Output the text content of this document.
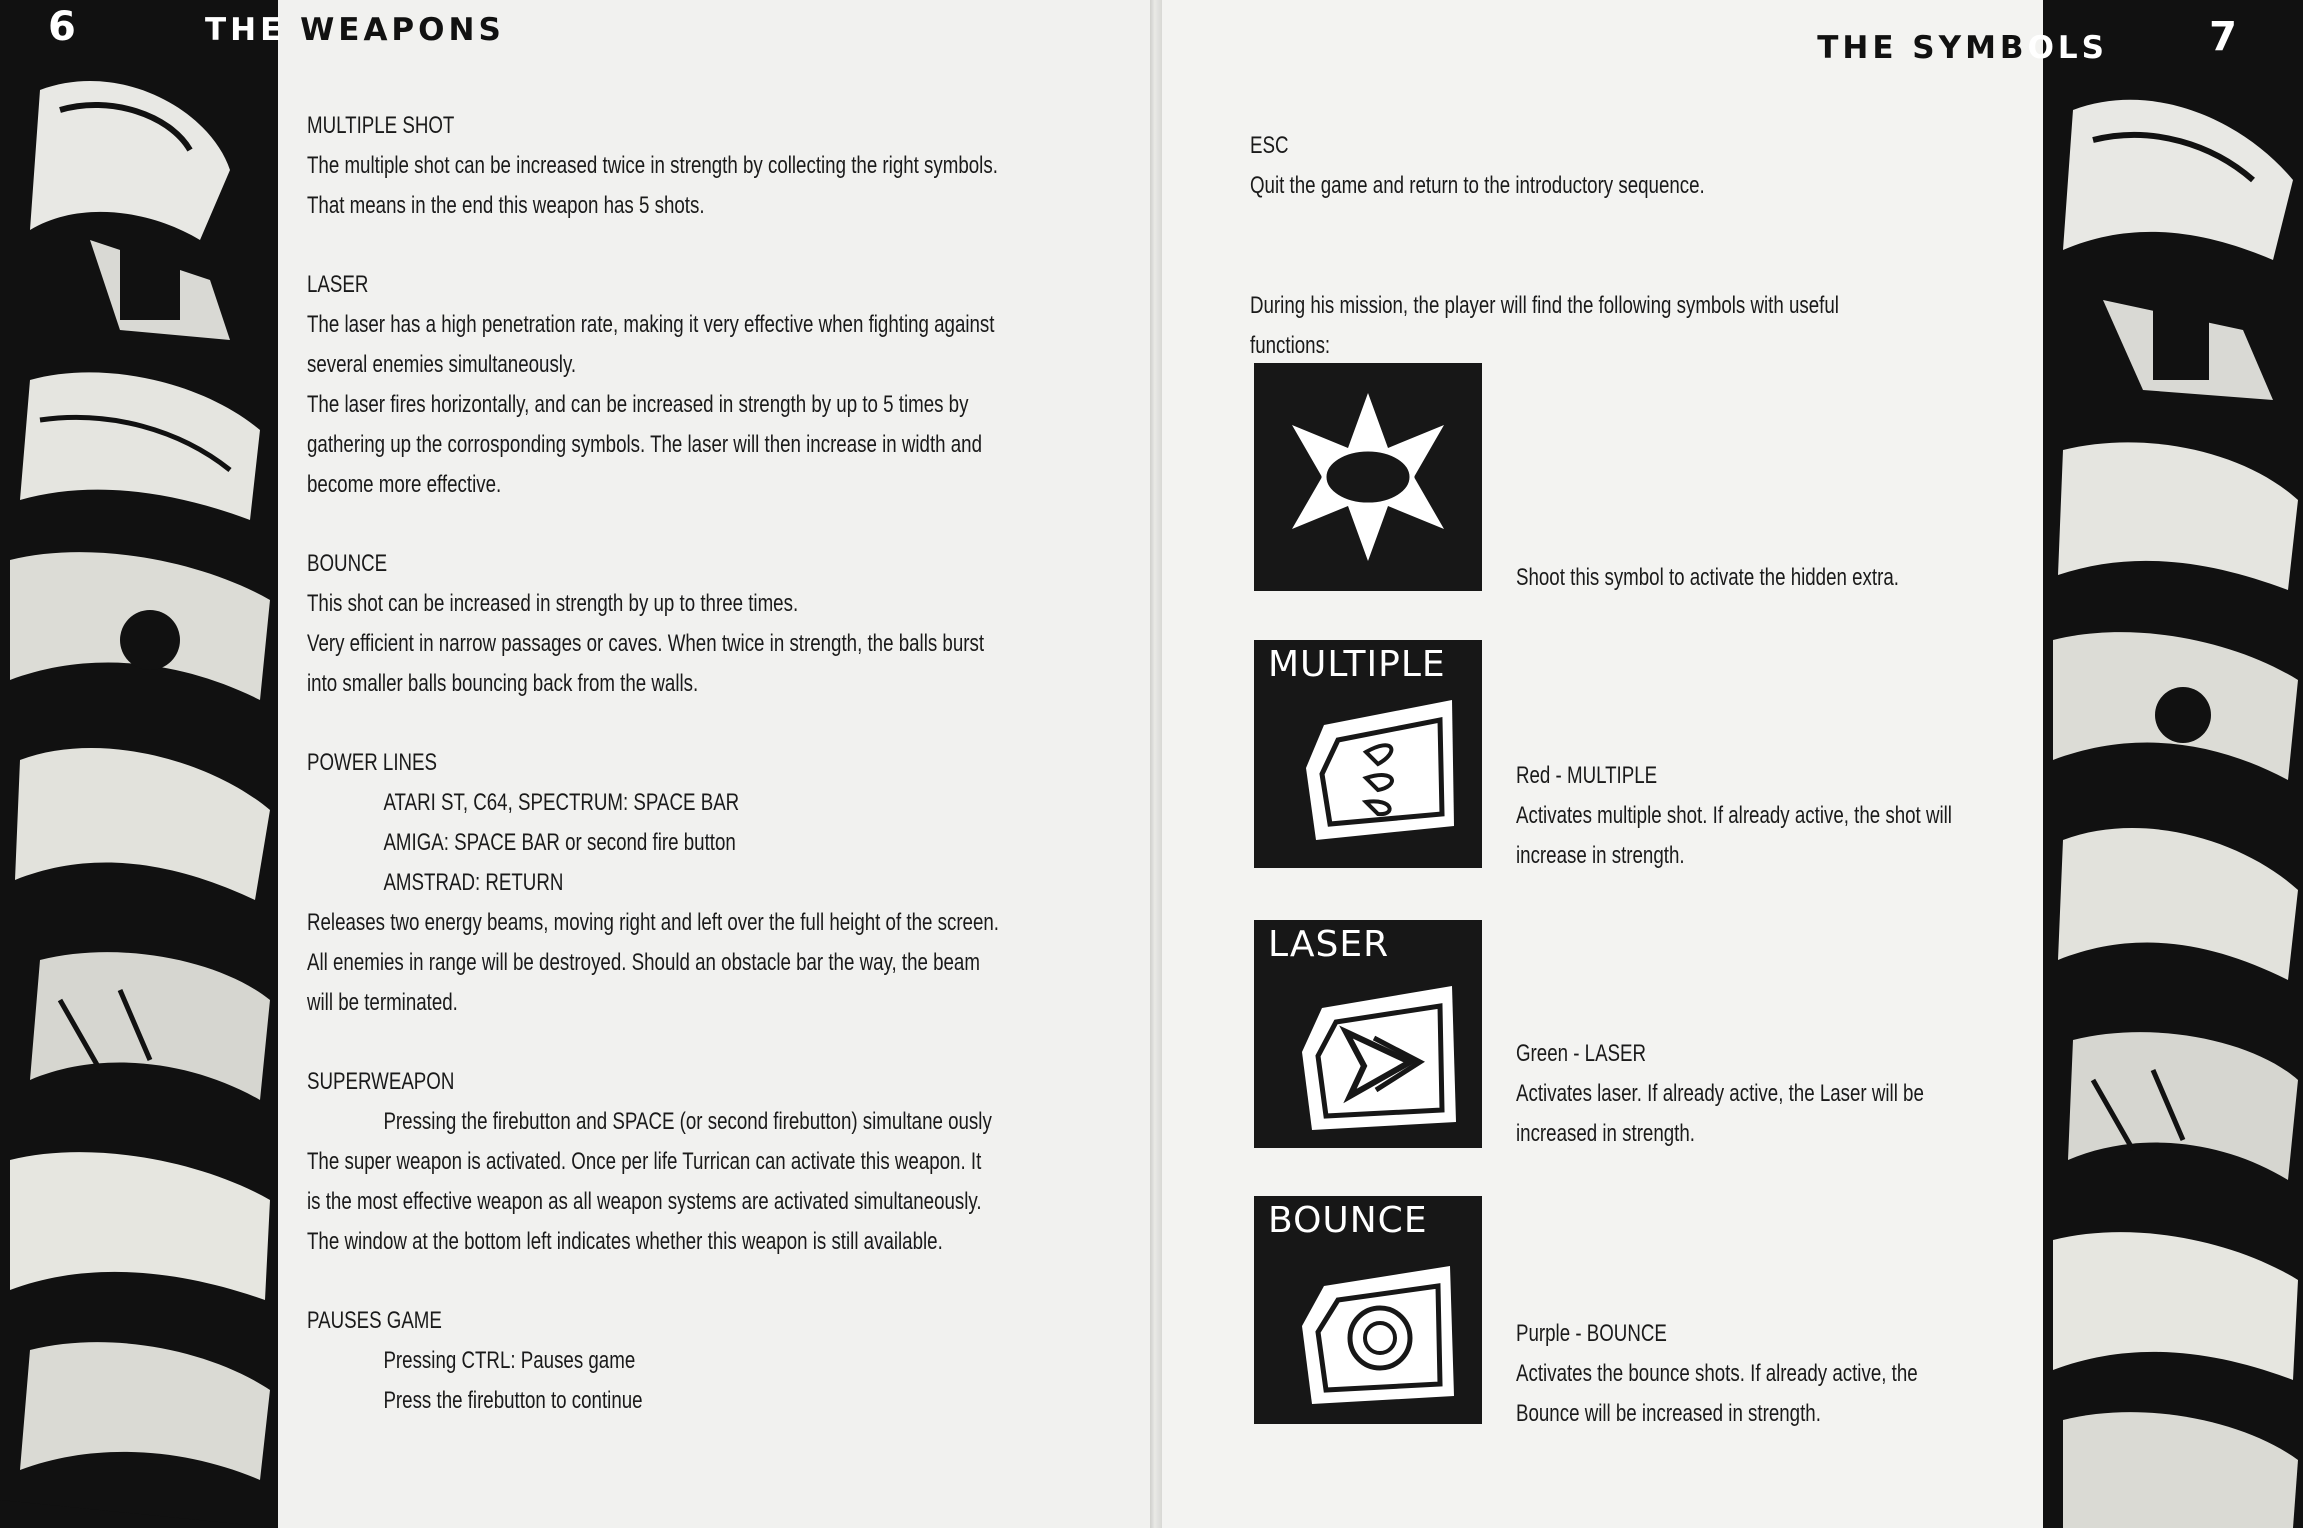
6	THE WEAPONS
MULTIPLE SHOT
The multiple shot can be increased twice in strength by collecting the right symbols.
That means in the end this weapon has 5 shots.
LASER
The laser has a high penetration rate, making it very effective when fighting against
several enemies simultaneously.
The laser fires horizontally, and can be increased in strength by up to 5 times by
gathering up the corrosponding symbols. The laser will then increase in width and
become more effective.
BOUNCE
This shot can be increased in strength by up to three times.
Very efficient in narrow passages or caves. When twice in strength, the balls burst
into smaller balls bouncing back from the walls.
POWER LINES
ATARI ST, C64, SPECTRUM: SPACE BAR
AMIGA: SPACE BAR or second fire button
AMSTRAD: RETURN
Releases two energy beams, moving right and left over the full height of the screen.
All enemies in range will be destroyed. Should an obstacle bar the way, the beam
will be terminated.
SUPERWEAPON
Pressing the firebutton and SPACE (or second firebutton) simultane ously
The super weapon is activated. Once per life Turrican can activate this weapon. It
is the most effective weapon as all weapon systems are activated simultaneously.
The window at the bottom left indicates whether this weapon is still available.
PAUSES GAME
Pressing CTRL: Pauses game
Press the firebutton to continue
7
THE SYMBOLS
ESC
Quit the game and return to the introductory sequence.
During his mission, the player will find the following symbols with useful functions:
Shoot this symbol to activate the hidden extra.
MULTIPLE
Red - MULTIPLE
Activates multiple shot. If already active, the shot will
increase in strength.
LASER
Green - LASER
Activates laser. If already active, the Laser will be
increased in strength.
BOUNCE
Purple - BOUNCE
Activates the bounce shots. If already active, the
Bounce will be increased in strength.
